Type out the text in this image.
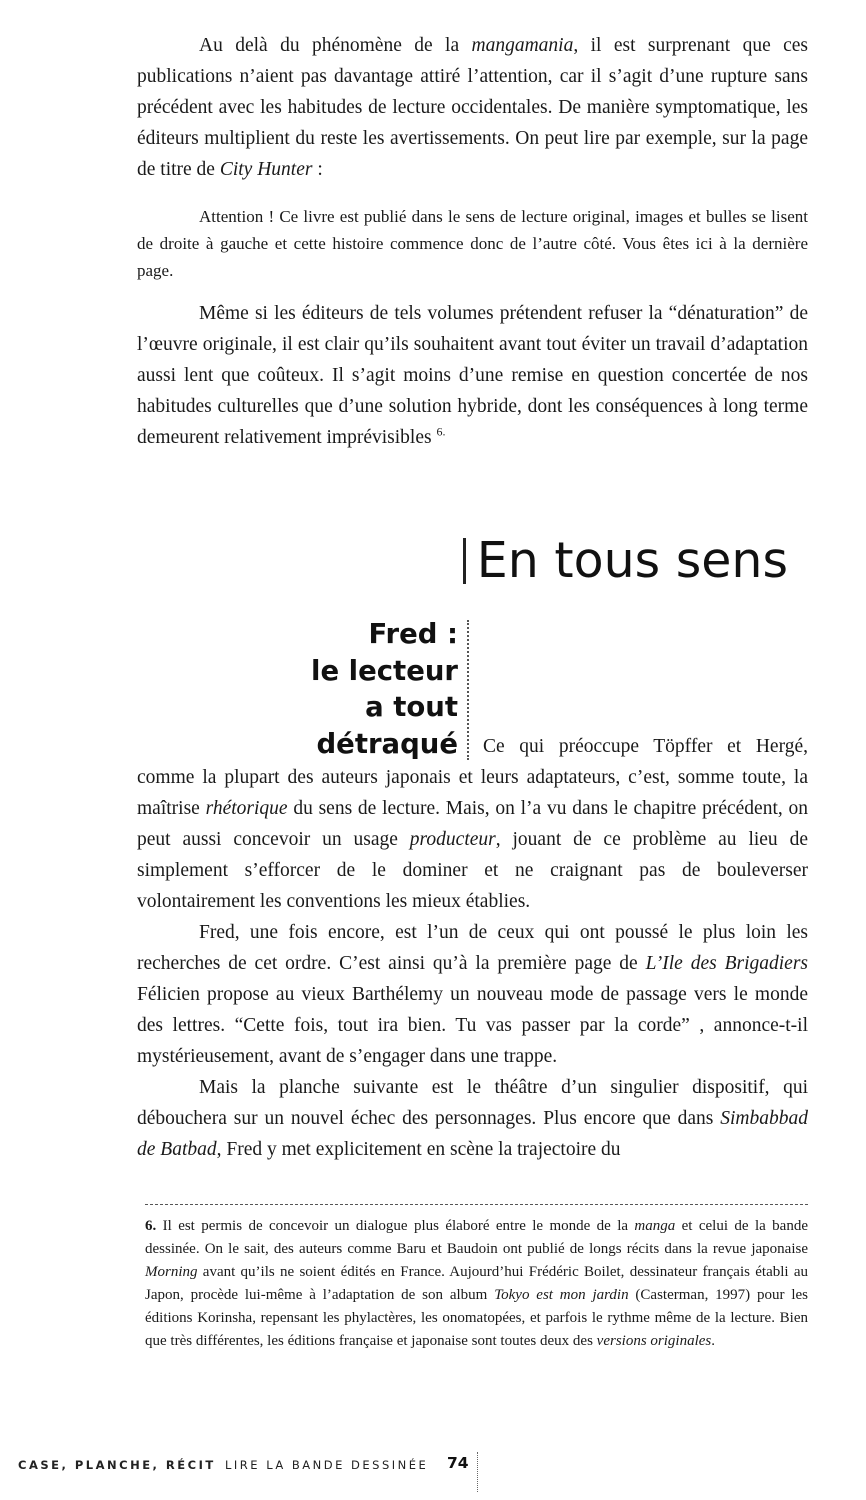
Au delà du phénomène de la mangamania, il est surprenant que ces publications n’aient pas davantage attiré l’attention, car il s’agit d’une rupture sans précédent avec les habitudes de lecture occidentales. De manière symptomatique, les éditeurs multiplient du reste les avertissements. On peut lire par exemple, sur la page de titre de City Hunter :

Attention ! Ce livre est publié dans le sens de lecture original, images et bulles se lisent de droite à gauche et cette histoire commence donc de l’autre côté. Vous êtes ici à la dernière page.

Même si les éditeurs de tels volumes prétendent refuser la “dénaturation” de l’œuvre originale, il est clair qu’ils souhaitent avant tout éviter un travail d’adaptation aussi lent que coûteux. Il s’agit moins d’une remise en question concertée de nos habitudes culturelles que d’une solution hybride, dont les conséquences à long terme demeurent relativement imprévisibles $^{6.}$

En tous sens
Fred :
le lecteur
a tout
détraqué	Ce qui préoccupe Töpffer et Hergé, comme la plupart des auteurs japonais et leurs adaptateurs, c’est, somme toute, la maîtrise rhétorique du sens de lecture. Mais, on l’a vu dans le chapitre précédent, on peut aussi concevoir un usage producteur, jouant de ce problème au lieu de simplement s’efforcer de le dominer et ne craignant pas de bouleverser volontairement les conventions les mieux établies.

Fred, une fois encore, est l’un de ceux qui ont poussé le plus loin les recherches de cet ordre. C’est ainsi qu’à la première page de L’Ile des Brigadiers Félicien propose au vieux Barthélemy un nouveau mode de passage vers le monde des lettres. “Cette fois, tout ira bien. Tu vas passer par la corde” , annonce-t-il mystérieusement, avant de s’engager dans une trappe.

Mais la planche suivante est le théâtre d’un singulier dispositif, qui débouchera sur un nouvel échec des personnages. Plus encore que dans Simbabbad de Batbad, Fred y met explicitement en scène la trajectoire du

6. Il est permis de concevoir un dialogue plus élaboré entre le monde de la manga et celui de la bande dessinée. On le sait, des auteurs comme Baru et Baudoin ont publié de longs récits dans la revue japonaise Morning avant qu’ils ne soient édités en France. Aujourd’hui Frédéric Boilet, dessinateur français établi au Japon, procède lui-même à l’adaptation de son album Tokyo est mon jardin (Casterman, 1997) pour les éditions Korinsha, repensant les phylactères, les onomatopées, et parfois le rythme même de la lecture. Bien que très différentes, les éditions française et japonaise sont toutes deux des versions originales.
CASE, PLANCHE, RÉCIT LIRE LA BANDE DESSINÉE 74
